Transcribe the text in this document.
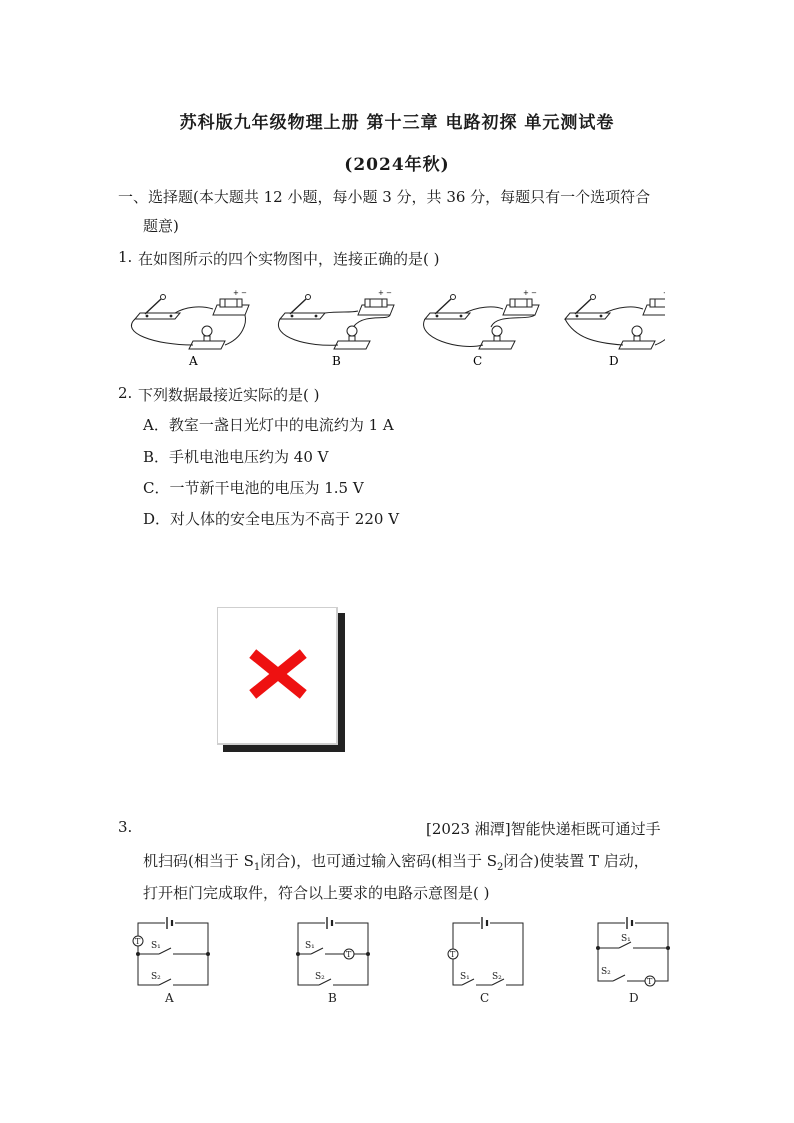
苏科版九年级物理上册 第十三章 电路初探 单元测试卷
(2024年秋)
一、选择题(本大题共 12 小题，每小题 3 分，共 36 分，每题只有一个选项符合
题意)
1. 在如图所示的四个实物图中，连接正确的是( )
A	B	C	D
2. 下列数据最接近实际的是( )
A．教室一盏日光灯中的电流约为 1 A
B．手机电池电压约为 40 V
C．一节新干电池的电压为 1.5 V
D．对人体的安全电压为不高于 220 V
3.	[2023 湘潭]智能快递柜既可通过手
机扫码(相当于 $S_1$闭合)，也可通过输入密码(相当于 $S_2$闭合)使装置 T 启动，
打开柜门完成取件，符合以上要求的电路示意图是( )
T S₁
S₂
A
T
S₁
S₂
B
T
S₁ S₂
C
T
S₁
S₂
D
